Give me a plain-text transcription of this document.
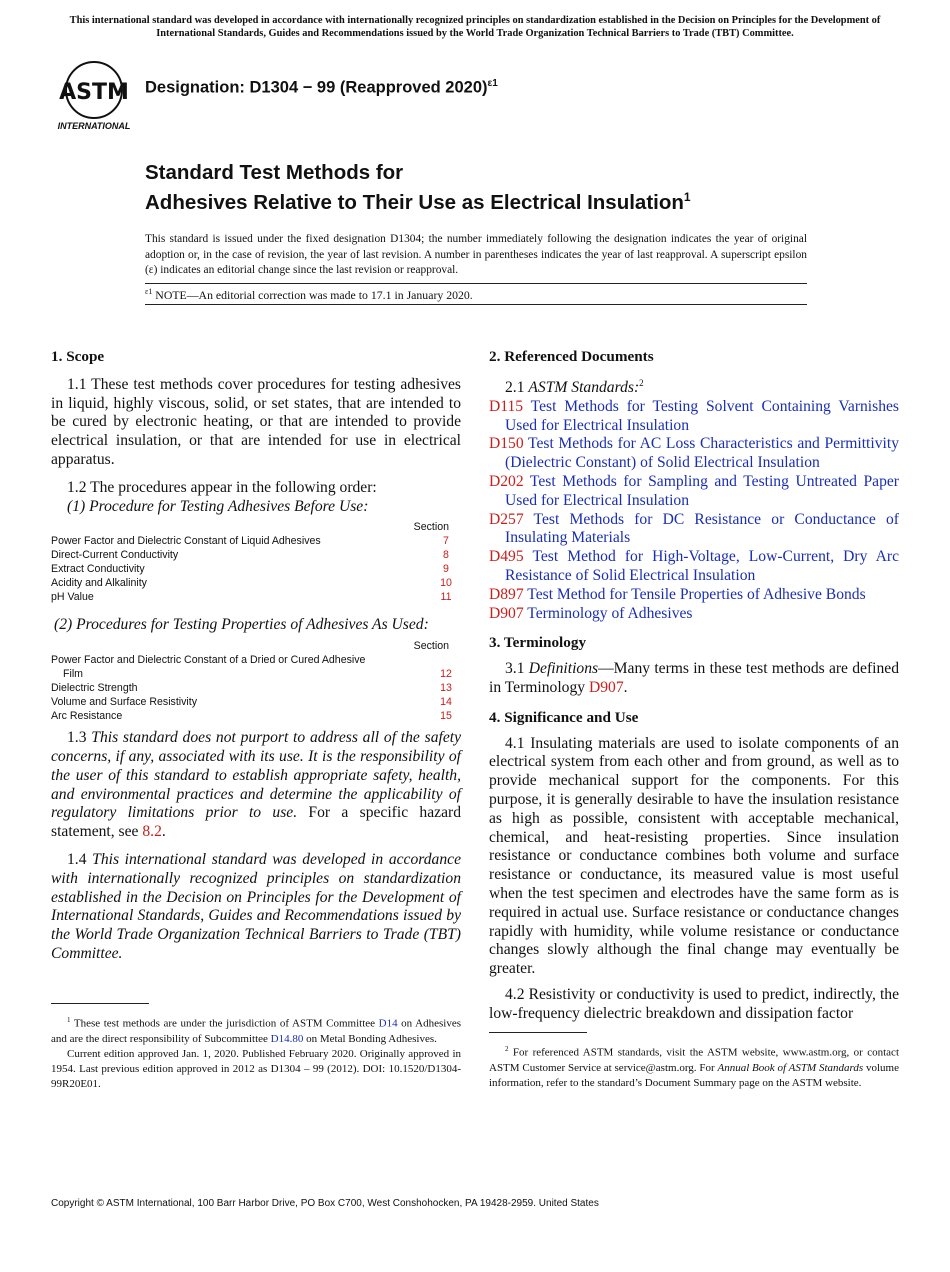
This international standard was developed in accordance with internationally recognized principles on standardization established in the Decision on Principles for the Development of International Standards, Guides and Recommendations issued by the World Trade Organization Technical Barriers to Trade (TBT) Committee.
ASTM
INTERNATIONAL
Designation: D1304 − 99 (Reapproved 2020)$^{\varepsilon 1}$
Standard Test Methods for
Adhesives Relative to Their Use as Electrical Insulation$^1$
This standard is issued under the fixed designation D1304; the number immediately following the designation indicates the year of original adoption or, in the case of revision, the year of last revision. A number in parentheses indicates the year of last reapproval. A superscript epsilon (ε) indicates an editorial change since the last revision or reapproval.
$^{\varepsilon 1}$ NOTE—An editorial correction was made to 17.1 in January 2020.
1. Scope
1.1 These test methods cover procedures for testing adhesives in liquid, highly viscous, solid, or set states, that are intended to be cured by electronic heating, or that are intended to provide electrical insulation, or that are intended for use in electrical apparatus.
1.2 The procedures appear in the following order:
(1) Procedure for Testing Adhesives Before Use:
Section
Power Factor and Dielectric Constant of Liquid Adhesives	7
Direct-Current Conductivity	8
Extract Conductivity	9
Acidity and Alkalinity	10
pH Value	11
(2) Procedures for Testing Properties of Adhesives As Used:
Section
Power Factor and Dielectric Constant of a Dried or Cured Adhesive
Film	12
Dielectric Strength	13
Volume and Surface Resistivity	14
Arc Resistance	15
1.3 This standard does not purport to address all of the safety concerns, if any, associated with its use. It is the responsibility of the user of this standard to establish appropriate safety, health, and environmental practices and determine the applicability of regulatory limitations prior to use. For a specific hazard statement, see 8.2.
1.4 This international standard was developed in accordance with internationally recognized principles on standardization established in the Decision on Principles for the Development of International Standards, Guides and Recommendations issued by the World Trade Organization Technical Barriers to Trade (TBT) Committee.
$^1$ These test methods are under the jurisdiction of ASTM Committee D14 on Adhesives and are the direct responsibility of Subcommittee D14.80 on Metal Bonding Adhesives.
Current edition approved Jan. 1, 2020. Published February 2020. Originally approved in 1954. Last previous edition approved in 2012 as D1304 – 99 (2012). DOI: 10.1520/D1304-99R20E01.
2. Referenced Documents
2.1 ASTM Standards:$^2$
D115 Test Methods for Testing Solvent Containing Varnishes Used for Electrical Insulation
D150 Test Methods for AC Loss Characteristics and Permittivity (Dielectric Constant) of Solid Electrical Insulation
D202 Test Methods for Sampling and Testing Untreated Paper Used for Electrical Insulation
D257 Test Methods for DC Resistance or Conductance of Insulating Materials
D495 Test Method for High-Voltage, Low-Current, Dry Arc Resistance of Solid Electrical Insulation
D897 Test Method for Tensile Properties of Adhesive Bonds
D907 Terminology of Adhesives
3. Terminology
3.1 Definitions—Many terms in these test methods are defined in Terminology D907.
4. Significance and Use
4.1 Insulating materials are used to isolate components of an electrical system from each other and from ground, as well as to provide mechanical support for the components. For this purpose, it is generally desirable to have the insulation resistance as high as possible, consistent with acceptable mechanical, chemical, and heat-resisting properties. Since insulation resistance or conductance combines both volume and surface resistance or conductance, its measured value is most useful when the test specimen and electrodes have the same form as is required in actual use. Surface resistance or conductance changes rapidly with humidity, while volume resistance or conductance changes slowly although the final change may eventually be greater.
4.2 Resistivity or conductivity is used to predict, indirectly, the low-frequency dielectric breakdown and dissipation factor
$^2$ For referenced ASTM standards, visit the ASTM website, www.astm.org, or contact ASTM Customer Service at service@astm.org. For Annual Book of ASTM Standards volume information, refer to the standard’s Document Summary page on the ASTM website.
Copyright © ASTM International, 100 Barr Harbor Drive, PO Box C700, West Conshohocken, PA 19428-2959. United States
